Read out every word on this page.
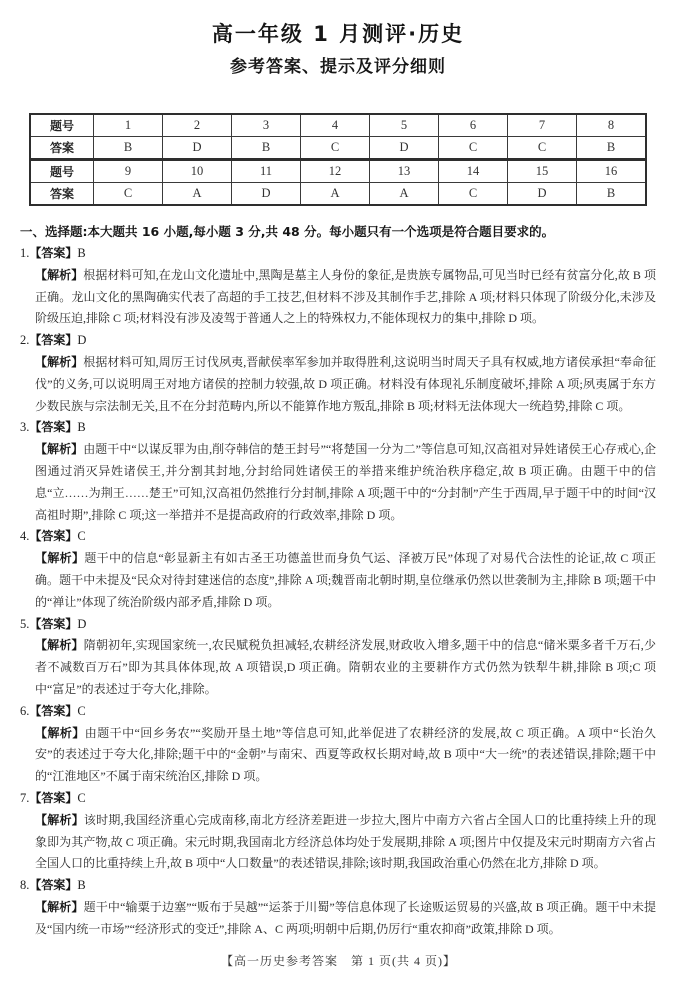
高一年级 1 月测评·历史
参考答案、提示及评分细则
题号	1	2	3	4	5	6	7	8
答案	B	D	B	C	D	C	C	B
题号	9	10	11	12	13	14	15	16
答案	C	A	D	A	A	C	D	B
一、选择题:本大题共 16 小题,每小题 3 分,共 48 分。每小题只有一个选项是符合题目要求的。
1.【答案】B

【解析】根据材料可知,在龙山文化遗址中,黑陶是墓主人身份的象征,是贵族专属物品,可见当时已经有贫富分化,故 B 项正确。龙山文化的黑陶确实代表了高超的手工技艺,但材料不涉及其制作手艺,排除 A 项;材料只体现了阶级分化,未涉及阶级压迫,排除 C 项;材料没有涉及凌驾于普通人之上的特殊权力,不能体现权力的集中,排除 D 项。

2.【答案】D

【解析】根据材料可知,周厉王讨伐夙夷,晋献侯率军参加并取得胜利,这说明当时周天子具有权威,地方诸侯承担“奉命征伐”的义务,可以说明周王对地方诸侯的控制力较强,故 D 项正确。材料没有体现礼乐制度破坏,排除 A 项;夙夷属于东方少数民族与宗法制无关,且不在分封范畴内,所以不能算作地方叛乱,排除 B 项;材料无法体现大一统趋势,排除 C 项。

3.【答案】B

【解析】由题干中“以谋反罪为由,削夺韩信的楚王封号”“将楚国一分为二”等信息可知,汉高祖对异姓诸侯王心存戒心,企图通过消灭异姓诸侯王,并分割其封地,分封给同姓诸侯王的举措来维护统治秩序稳定,故 B 项正确。由题干中的信息“立……为荆王……楚王”可知,汉高祖仍然推行分封制,排除 A 项;题干中的“分封制”产生于西周,早于题干中的时间“汉高祖时期”,排除 C 项;这一举措并不是提高政府的行政效率,排除 D 项。

4.【答案】C

【解析】题干中的信息“彰显新主有如古圣王功德盖世而身负气运、泽被万民”体现了对易代合法性的论证,故 C 项正确。题干中未提及“民众对待封建迷信的态度”,排除 A 项;魏晋南北朝时期,皇位继承仍然以世袭制为主,排除 B 项;题干中的“禅让”体现了统治阶级内部矛盾,排除 D 项。

5.【答案】D

【解析】隋朝初年,实现国家统一,农民赋税负担减轻,农耕经济发展,财政收入增多,题干中的信息“储米粟多者千万石,少者不减数百万石”即为其具体体现,故 A 项错误,D 项正确。隋朝农业的主要耕作方式仍然为铁犁牛耕,排除 B 项;C 项中“富足”的表述过于夸大化,排除。

6.【答案】C

【解析】由题干中“回乡务农”“奖励开垦土地”等信息可知,此举促进了农耕经济的发展,故 C 项正确。A 项中“长治久安”的表述过于夸大化,排除;题干中的“金朝”与南宋、西夏等政权长期对峙,故 B 项中“大一统”的表述错误,排除;题干中的“江淮地区”不属于南宋统治区,排除 D 项。

7.【答案】C

【解析】该时期,我国经济重心完成南移,南北方经济差距进一步拉大,图片中南方六省占全国人口的比重持续上升的现象即为其产物,故 C 项正确。宋元时期,我国南北方经济总体均处于发展期,排除 A 项;图片中仅提及宋元时期南方六省占全国人口的比重持续上升,故 B 项中“人口数量”的表述错误,排除;该时期,我国政治重心仍然在北方,排除 D 项。

8.【答案】B

【解析】题干中“输粟于边塞”“贩布于吴越”“运茶于川蜀”等信息体现了长途贩运贸易的兴盛,故 B 项正确。题干中未提及“国内统一市场”“经济形式的变迁”,排除 A、C 两项;明朝中后期,仍厉行“重农抑商”政策,排除 D 项。

【高一历史参考答案　第 1 页(共 4 页)】
